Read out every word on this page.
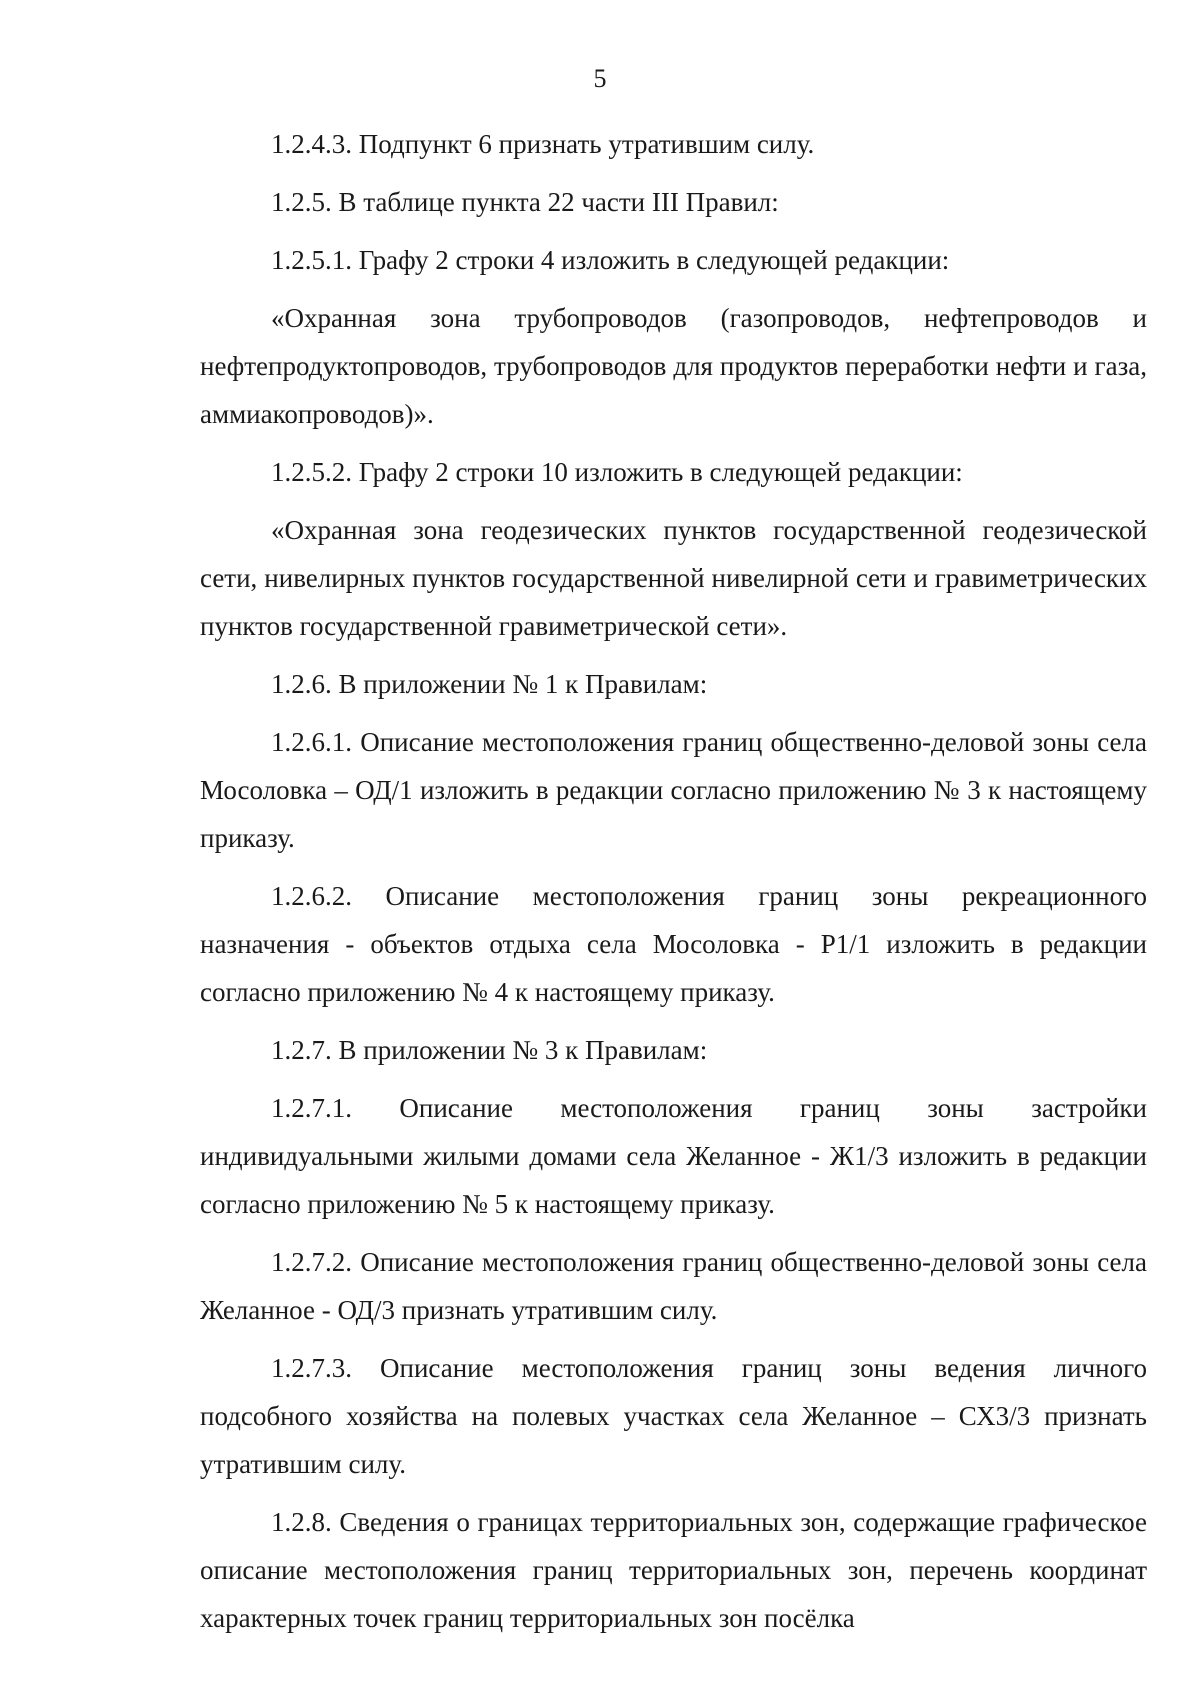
5

1.2.4.3. Подпункт 6 признать утратившим силу.

1.2.5. В таблице пункта 22 части III Правил:

1.2.5.1. Графу 2 строки 4 изложить в следующей редакции:

«Охранная зона трубопроводов (газопроводов, нефтепроводов и нефтепродуктопроводов, трубопроводов для продуктов переработки нефти и газа, аммиакопроводов)».

1.2.5.2. Графу 2 строки 10 изложить в следующей редакции:

«Охранная зона геодезических пунктов государственной геодезической сети, нивелирных пунктов государственной нивелирной сети и гравиметрических пунктов государственной гравиметрической сети».

1.2.6. В приложении № 1 к Правилам:

1.2.6.1. Описание местоположения границ общественно-деловой зоны села Мосоловка – ОД/1 изложить в редакции согласно приложению № 3 к настоящему приказу.

1.2.6.2. Описание местоположения границ зоны рекреационного назначения - объектов отдыха села Мосоловка - Р1/1 изложить в редакции согласно приложению № 4 к настоящему приказу.

1.2.7. В приложении № 3 к Правилам:

1.2.7.1. Описание местоположения границ зоны застройки индивидуальными жилыми домами села Желанное - Ж1/3 изложить в редакции согласно приложению № 5 к настоящему приказу.

1.2.7.2. Описание местоположения границ общественно-деловой зоны села Желанное - ОД/3 признать утратившим силу.

1.2.7.3. Описание местоположения границ зоны ведения личного подсобного хозяйства на полевых участках села Желанное – СХ3/3 признать утратившим силу.

1.2.8. Сведения о границах территориальных зон, содержащие графическое описание местоположения границ территориальных зон, перечень координат характерных точек границ территориальных зон посёлка
